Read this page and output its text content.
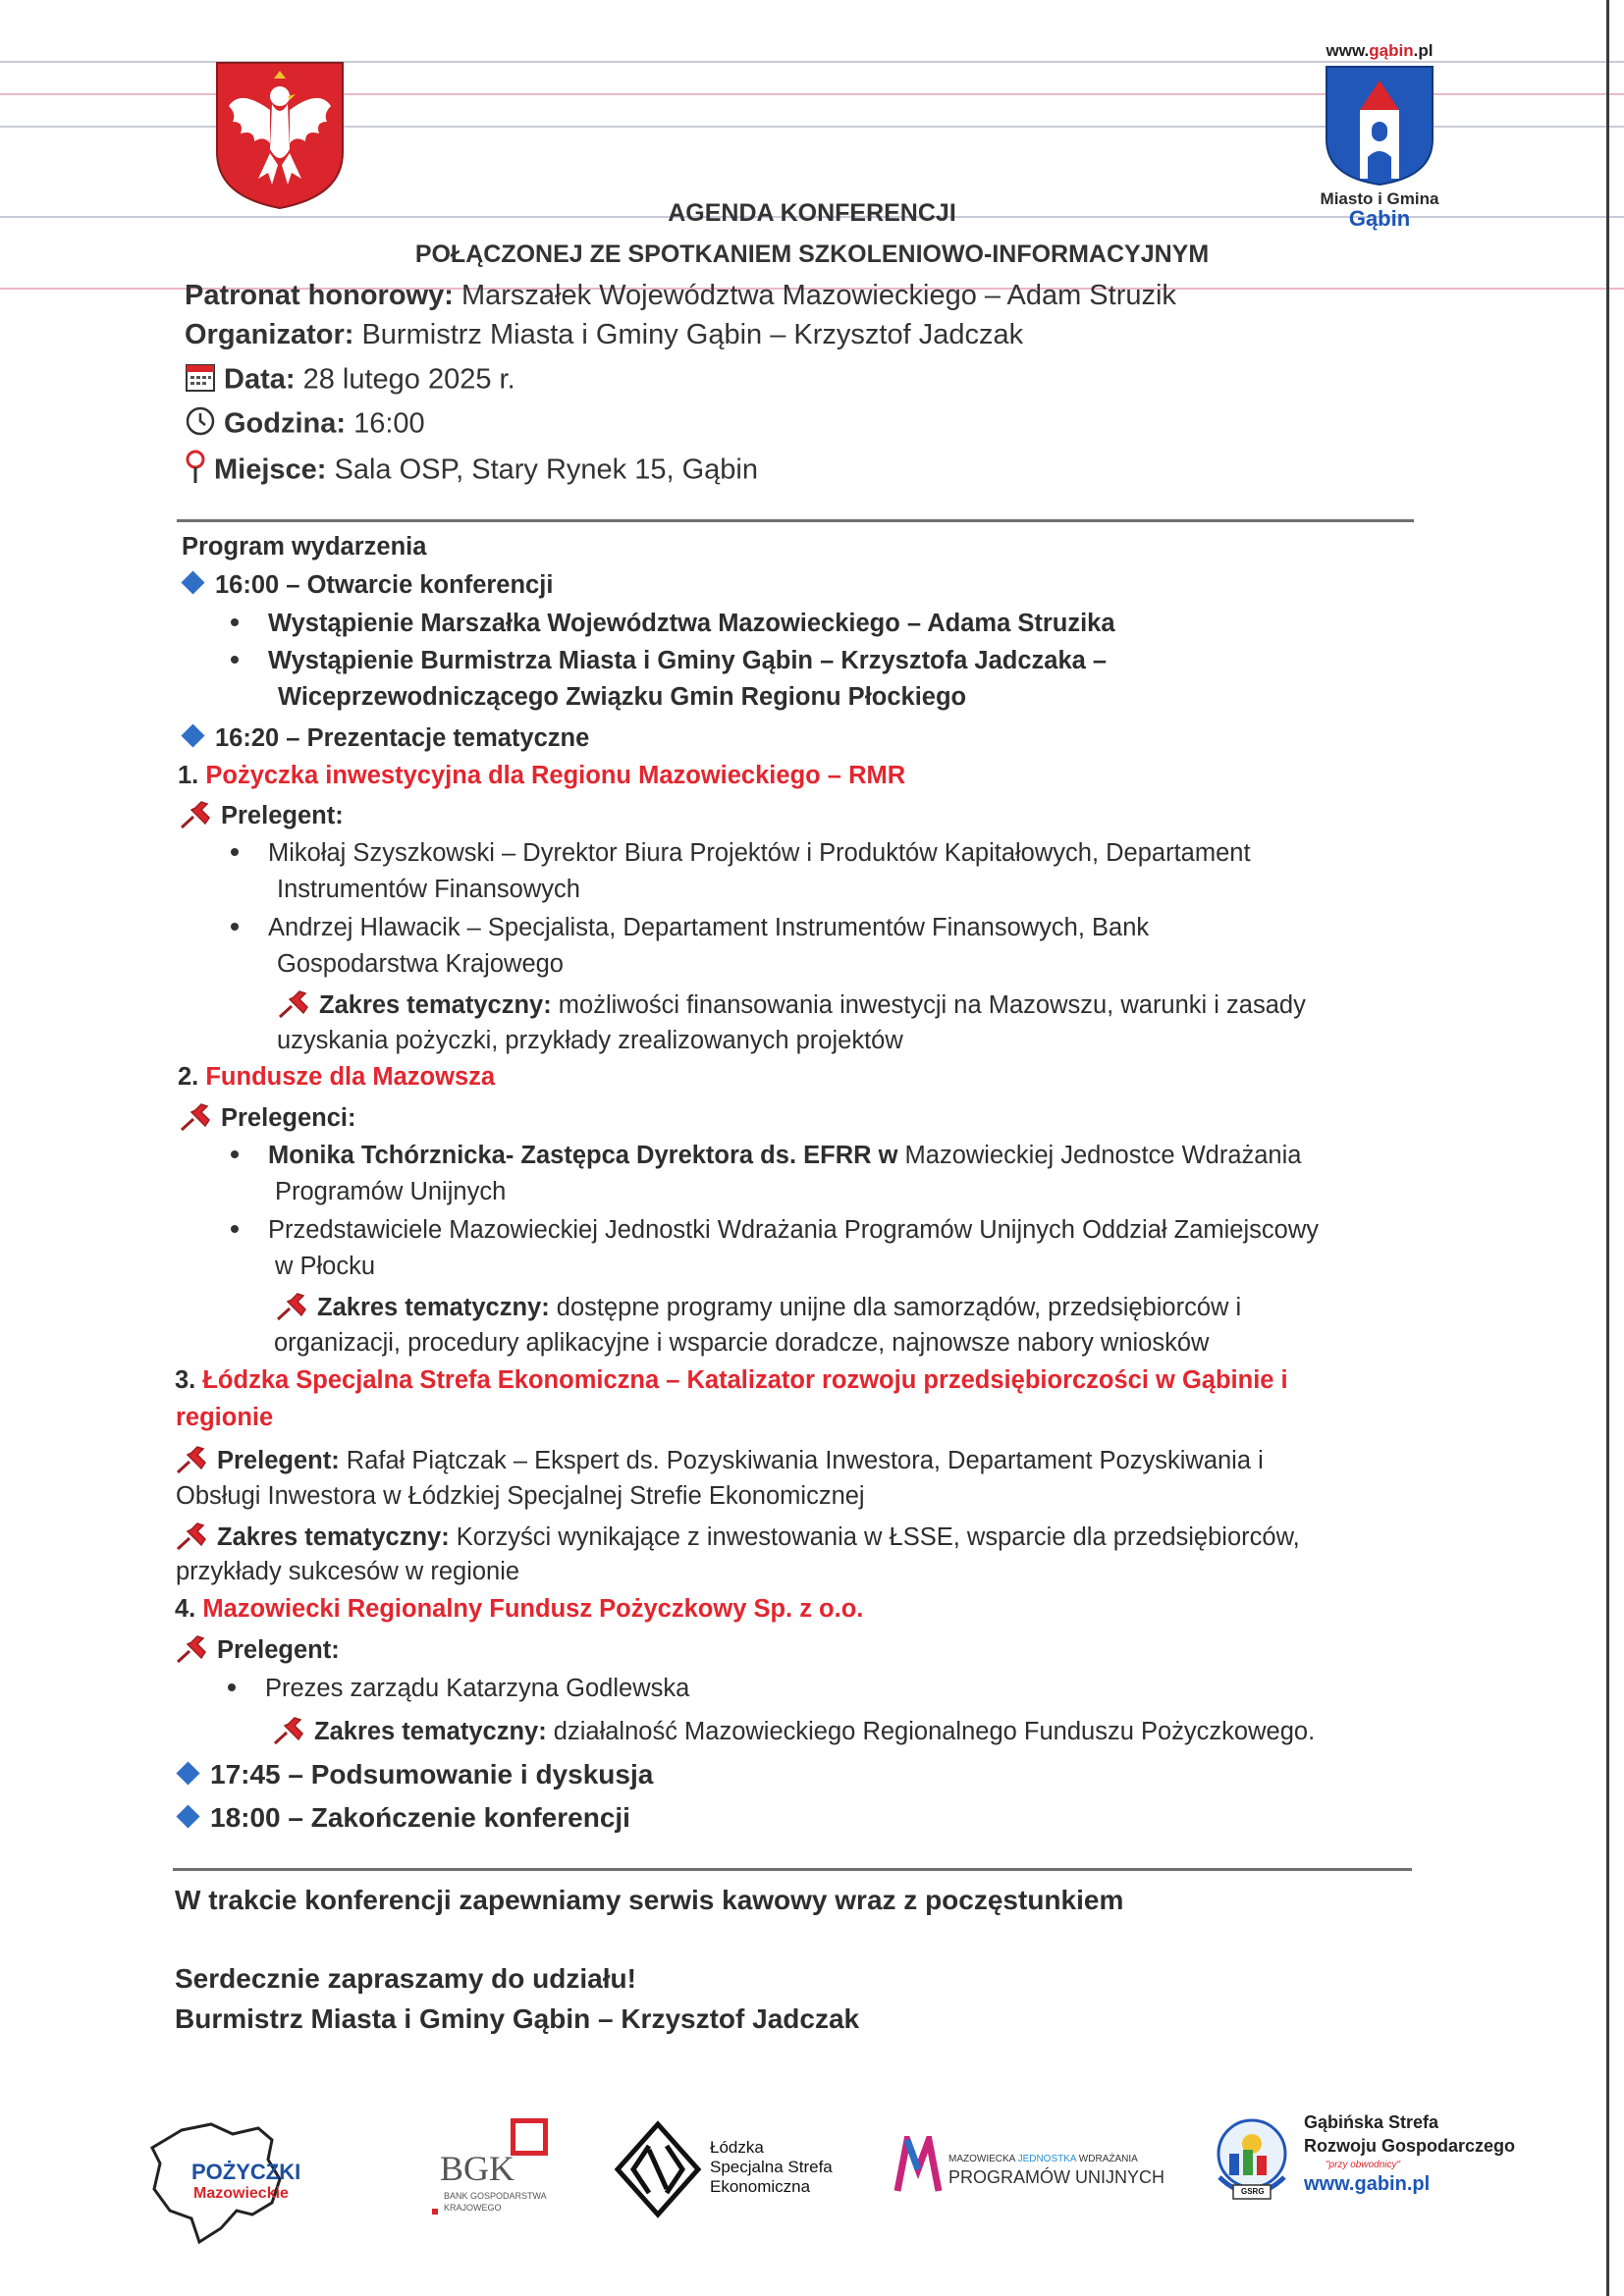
www.gąbin.pl
Miasto i Gmina
Gąbin
AGENDA KONFERENCJI
POŁĄCZONEJ ZE SPOTKANIEM SZKOLENIOWO-INFORMACYJNYM
Patronat honorowy: Marszałek Województwa Mazowieckiego – Adam Struzik
Organizator: Burmistrz Miasta i Gminy Gąbin – Krzysztof Jadczak
Data: 28 lutego 2025 r.
Godzina: 16:00
Miejsce: Sala OSP, Stary Rynek 15, Gąbin
Program wydarzenia
16:00 – Otwarcie konferencji
Wystąpienie Marszałka Województwa Mazowieckiego – Adama Struzika
Wystąpienie Burmistrza Miasta i Gminy Gąbin – Krzysztofa Jadczaka –
Wiceprzewodniczącego Związku Gmin Regionu Płockiego
16:20 – Prezentacje tematyczne
1. Pożyczka inwestycyjna dla Regionu Mazowieckiego – RMR
Prelegent:
Mikołaj Szyszkowski – Dyrektor Biura Projektów i Produktów Kapitałowych, Departament
Instrumentów Finansowych
Andrzej Hlawacik – Specjalista, Departament Instrumentów Finansowych, Bank
Gospodarstwa Krajowego
Zakres tematyczny: możliwości finansowania inwestycji na Mazowszu, warunki i zasady
uzyskania pożyczki, przykłady zrealizowanych projektów
2. Fundusze dla Mazowsza
Prelegenci:
Monika Tchórznicka- Zastępca Dyrektora ds. EFRR w Mazowieckiej Jednostce Wdrażania
Programów Unijnych
Przedstawiciele Mazowieckiej Jednostki Wdrażania Programów Unijnych Oddział Zamiejscowy
w Płocku
Zakres tematyczny: dostępne programy unijne dla samorządów, przedsiębiorców i
organizacji, procedury aplikacyjne i wsparcie doradcze, najnowsze nabory wniosków
3. Łódzka Specjalna Strefa Ekonomiczna – Katalizator rozwoju przedsiębiorczości w Gąbinie i
regionie
Prelegent: Rafał Piątczak – Ekspert ds. Pozyskiwania Inwestora, Departament Pozyskiwania i
Obsługi Inwestora w Łódzkiej Specjalnej Strefie Ekonomicznej
Zakres tematyczny: Korzyści wynikające z inwestowania w ŁSSE, wsparcie dla przedsiębiorców,
przykłady sukcesów w regionie
4. Mazowiecki Regionalny Fundusz Pożyczkowy Sp. z o.o.
Prelegent:
Prezes zarządu Katarzyna Godlewska
Zakres tematyczny: działalność Mazowieckiego Regionalnego Funduszu Pożyczkowego.
17:45 – Podsumowanie i dyskusja
18:00 – Zakończenie konferencji
W trakcie konferencji zapewniamy serwis kawowy wraz z poczęstunkiem
Serdecznie zapraszamy do udziału!
Burmistrz Miasta i Gminy Gąbin – Krzysztof Jadczak
POŻYCZKI
Mazowieckie
BGK
BANK GOSPODARSTWA
KRAJOWEGO
Łódzka
Specjalna Strefa
Ekonomiczna
MAZOWIECKA JEDNOSTKA WDRAŻANIA
PROGRAMÓW UNIJNYCH
GSRG
Gąbińska Strefa
Rozwoju Gospodarczego
"przy obwodnicy"
www.gabin.pl
